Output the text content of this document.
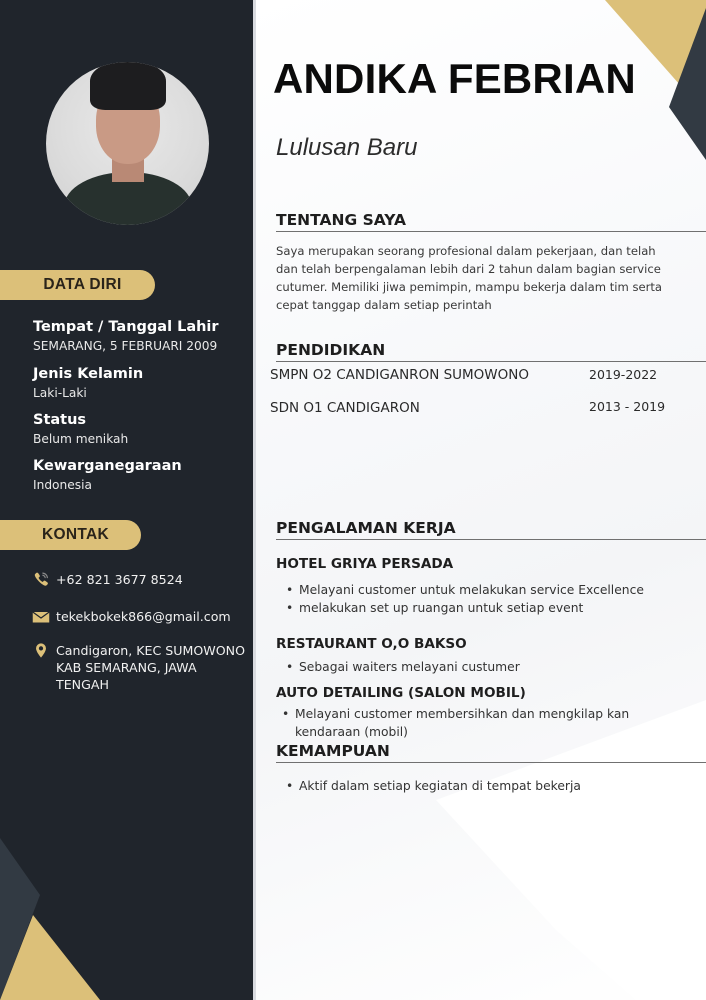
DATA DIRI
Tempat / Tanggal Lahir
SEMARANG, 5 FEBRUARI 2009
Jenis Kelamin
Laki-Laki
Status
Belum menikah
Kewarganegaraan
Indonesia
KONTAK
+62 821 3677 8524
tekekbokek866@gmail.com
Candigaron, KEC SUMOWONO
KAB SEMARANG, JAWA TENGAH
ANDIKA FEBRIAN
Lulusan Baru
TENTANG SAYA
Saya merupakan seorang profesional dalam pekerjaan, dan telah
dan telah berpengalaman lebih dari 2 tahun dalam bagian service
cutumer. Memiliki jiwa pemimpin, mampu bekerja dalam tim serta
cepat tanggap dalam setiap perintah
PENDIDIKAN
SMPN O2 CANDIGANRON SUMOWONO	2019-2022
SDN O1 CANDIGARON	2013 - 2019
PENGALAMAN KERJA
HOTEL GRIYA PERSADA
• Melayani customer untuk melakukan service Excellence
• melakukan set up ruangan untuk setiap event
RESTAURANT O,O BAKSO
• Sebagai waiters melayani custumer
AUTO DETAILING (SALON MOBIL)
• Melayani customer membersihkan dan mengkilap kan kendaraan (mobil)
KEMAMPUAN
• Aktif dalam setiap kegiatan di tempat bekerja
